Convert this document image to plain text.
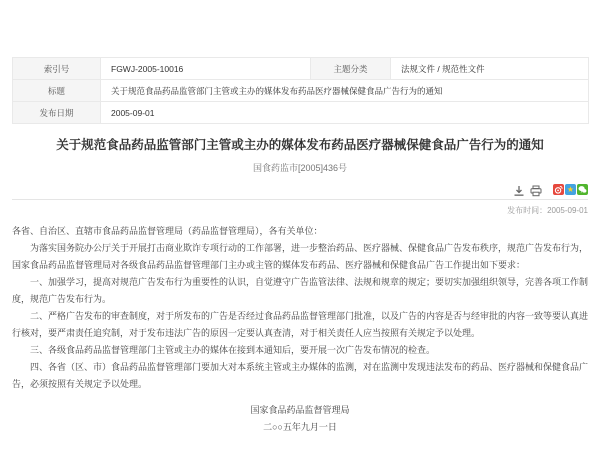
索引号	FGWJ-2005-10016	主题分类	法规文件 / 规范性文件
标题	关于规范食品药品监管部门主管或主办的媒体发布药品医疗器械保健食品广告行为的通知		
发布日期	2005-09-01		
关于规范食品药品监管部门主管或主办的媒体发布药品医疗器械保健食品广告行为的通知
国食药监市[2005]436号
★
发布时间：2005-09-01

各省、自治区、直辖市食品药品监督管理局（药品监督管理局），各有关单位：

为落实国务院办公厅关于开展打击商业欺诈专项行动的工作部署，进一步整治药品、医疗器械、保健食品广告发布秩序，规范广告发布行为，国家食品药品监督管理局对各级食品药品监督管理部门主办或主管的媒体发布药品、医疗器械和保健食品广告工作提出如下要求：

一、加强学习，提高对规范广告发布行为重要性的认识，自觉遵守广告监管法律、法规和规章的规定；要切实加强组织领导，完善各项工作制度，规范广告发布行为。

二、严格广告发布的审查制度，对于所发布的广告是否经过食品药品监督管理部门批准，以及广告的内容是否与经审批的内容一致等要认真进行核对，要严肃责任追究制，对于发布违法广告的原因一定要认真查清，对于相关责任人应当按照有关规定予以处理。

三、各级食品药品监督管理部门主管或主办的媒体在接到本通知后，要开展一次广告发布情况的检查。

四、各省（区、市）食品药品监督管理部门要加大对本系统主管或主办媒体的监测，对在监测中发现违法发布的药品、医疗器械和保健食品广告，必须按照有关规定予以处理。

国家食品药品监督管理局
二○○五年九月一日
